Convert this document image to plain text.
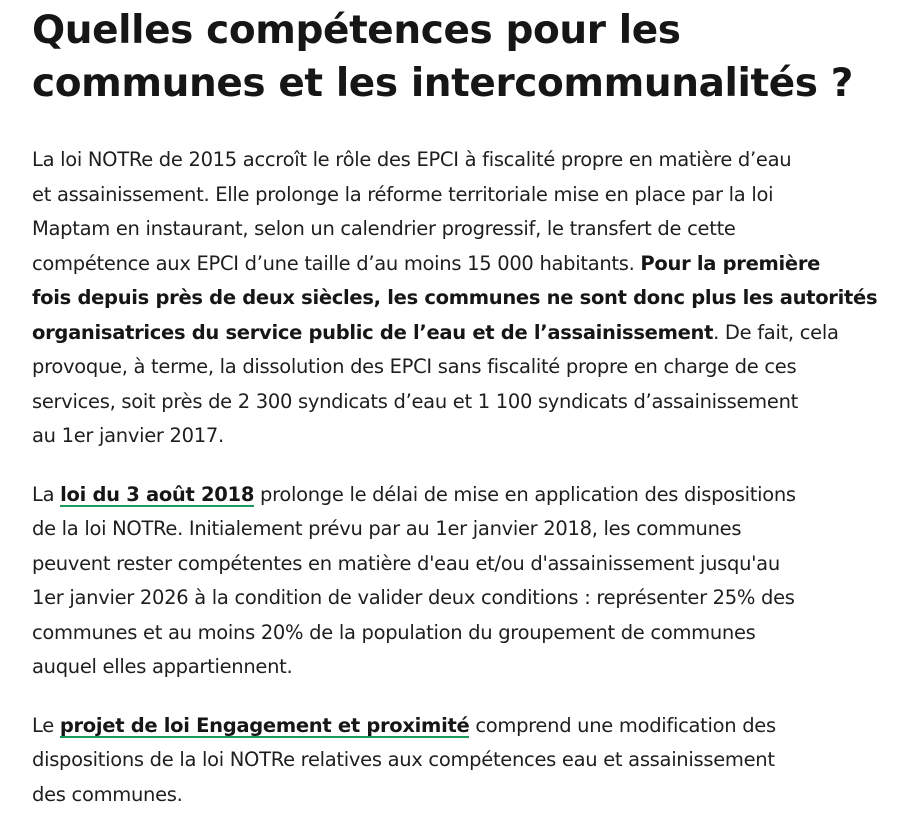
Quelles compétences pour les
communes et les intercommunalités ?

La loi NOTRe de 2015 accroît le rôle des EPCI à fiscalité propre en matière d’eau
et assainissement. Elle prolonge la réforme territoriale mise en place par la loi
Maptam en instaurant, selon un calendrier progressif, le transfert de cette
compétence aux EPCI d’une taille d’au moins 15 000 habitants. Pour la première
fois depuis près de deux siècles, les communes ne sont donc plus les autorités
organisatrices du service public de l’eau et de l’assainissement. De fait, cela
provoque, à terme, la dissolution des EPCI sans fiscalité propre en charge de ces
services, soit près de 2 300 syndicats d’eau et 1 100 syndicats d’assainissement
au 1er janvier 2017.

La loi du 3 août 2018 prolonge le délai de mise en application des dispositions
de la loi NOTRe. Initialement prévu par au 1er janvier 2018, les communes
peuvent rester compétentes en matière d'eau et/ou d'assainissement jusqu'au
1er janvier 2026 à la condition de valider deux conditions : représenter 25% des
communes et au moins 20% de la population du groupement de communes
auquel elles appartiennent.

Le projet de loi Engagement et proximité comprend une modification des
dispositions de la loi NOTRe relatives aux compétences eau et assainissement
des communes.
